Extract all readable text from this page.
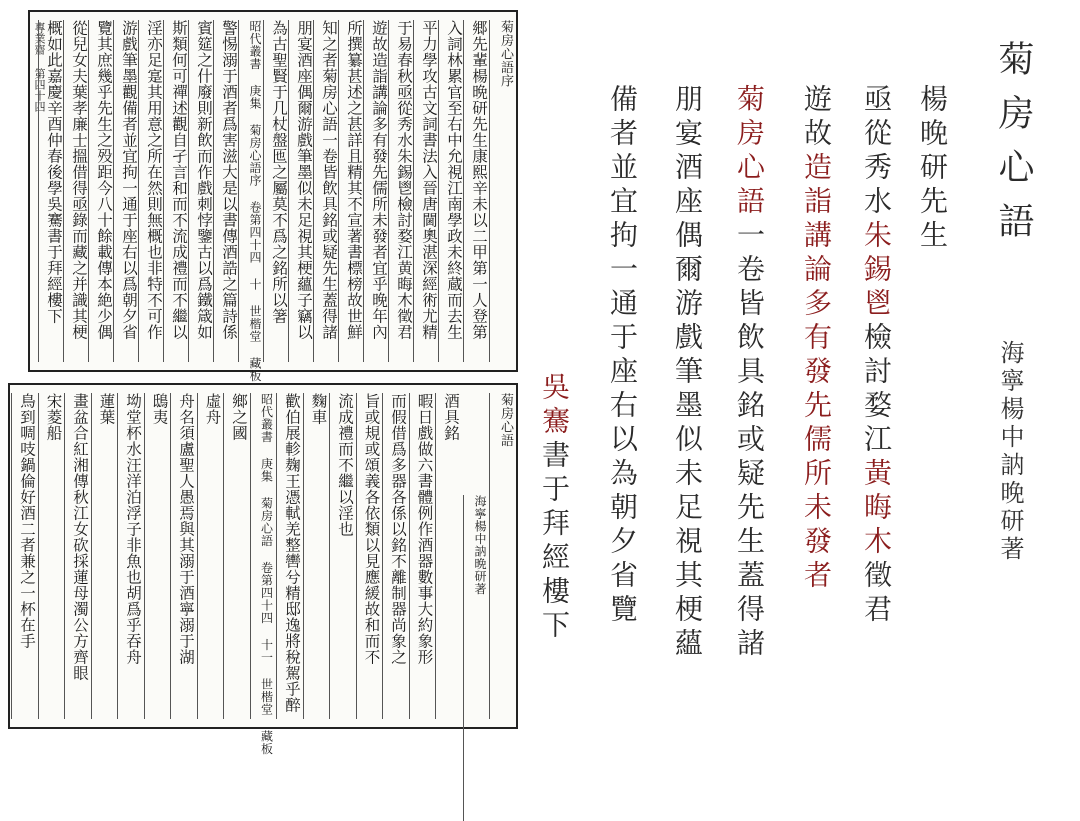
菊房心語序
專業齋 第四十四	郷先輩楊晩研先生康熙辛未以二甲第一人登第
入詞林累官至右中允視江南學政未終蔵而去生
平力學攻古文詞書法入晉唐閫奧湛深經術尤精
于易春秋亟從秀水朱錫鬯檢討婺江黄晦木徵君
遊故造詣講論多有發先儒所未發者宜乎晚年內
所撰纂甚述之甚詳且精其不宣著書標榜故世鮮
知之者菊房心語一卷皆飲具銘或疑先生蓋得諸
朋宴酒座偶爾游戲筆墨似未足視其梗蘊子竊以
為古聖賢于几杖盤匜之屬莫不爲之銘所以箸
昭代叢書 庚集 菊房心語序 卷第四十四 十 世楷堂 藏板
警惕溺于酒者爲害滋大是以書傳酒誥之篇詩係
賓筵之什廢則新飲而作戲刺悖鑒古以爲鐵箴如
斯類何可禪述觀自孑言和而不流成禮而不繼以
淫亦足寔其用意之所在然則無概也非特不可作
游戲筆墨觀備者並宜拘一通于座右以爲朝夕省
覽其庶幾乎先生之殁距今八十餘載傳本絶少偶
從兒女夫葉孝廉士搵借得亟錄而藏之并識其梗
概如此嘉慶辛酉仲春後學吳騫書于拜經樓下
菊房心語
海寧楊中訥晩研著
酒具銘
暇日戲做六書體例作酒器數事大約象形
而假借爲多器各係以銘不離制器尚象之
旨或規或頌義各依類以見應緩故和而不
流成禮而不繼以淫也
麴車
歡伯展軫麹王憑軾羌整轡兮精邸逸將稅駕乎醉
昭代叢書 庚集 菊房心語 卷第四十四 十一 世楷堂 藏板
鄉之國
虛舟
舟名須盧聖人愚焉與其溺于酒寧溺于湖
鴟夷
坳堂杯水汪洋泊浮子非魚也胡爲乎吞舟
蓮葉
畫盆合紅湘傳秋江女砍採蓮母濁公方齊眼
宋菱船
鳥到啁吱鍋倫好酒二者兼之一杯在手
菊房心語
海寧楊中訥晚研著
楊晚研先生
亟從秀水朱錫鬯檢討婺江黃晦木徵君
遊故造詣講論多有發先儒所未發者
菊房心語一卷皆飲具銘或疑先生蓋得諸
朋宴酒座偶爾游戲筆墨似未足視其梗蘊
備者並宜拘一通于座右以為朝夕省覽
吳騫書于拜經樓下
